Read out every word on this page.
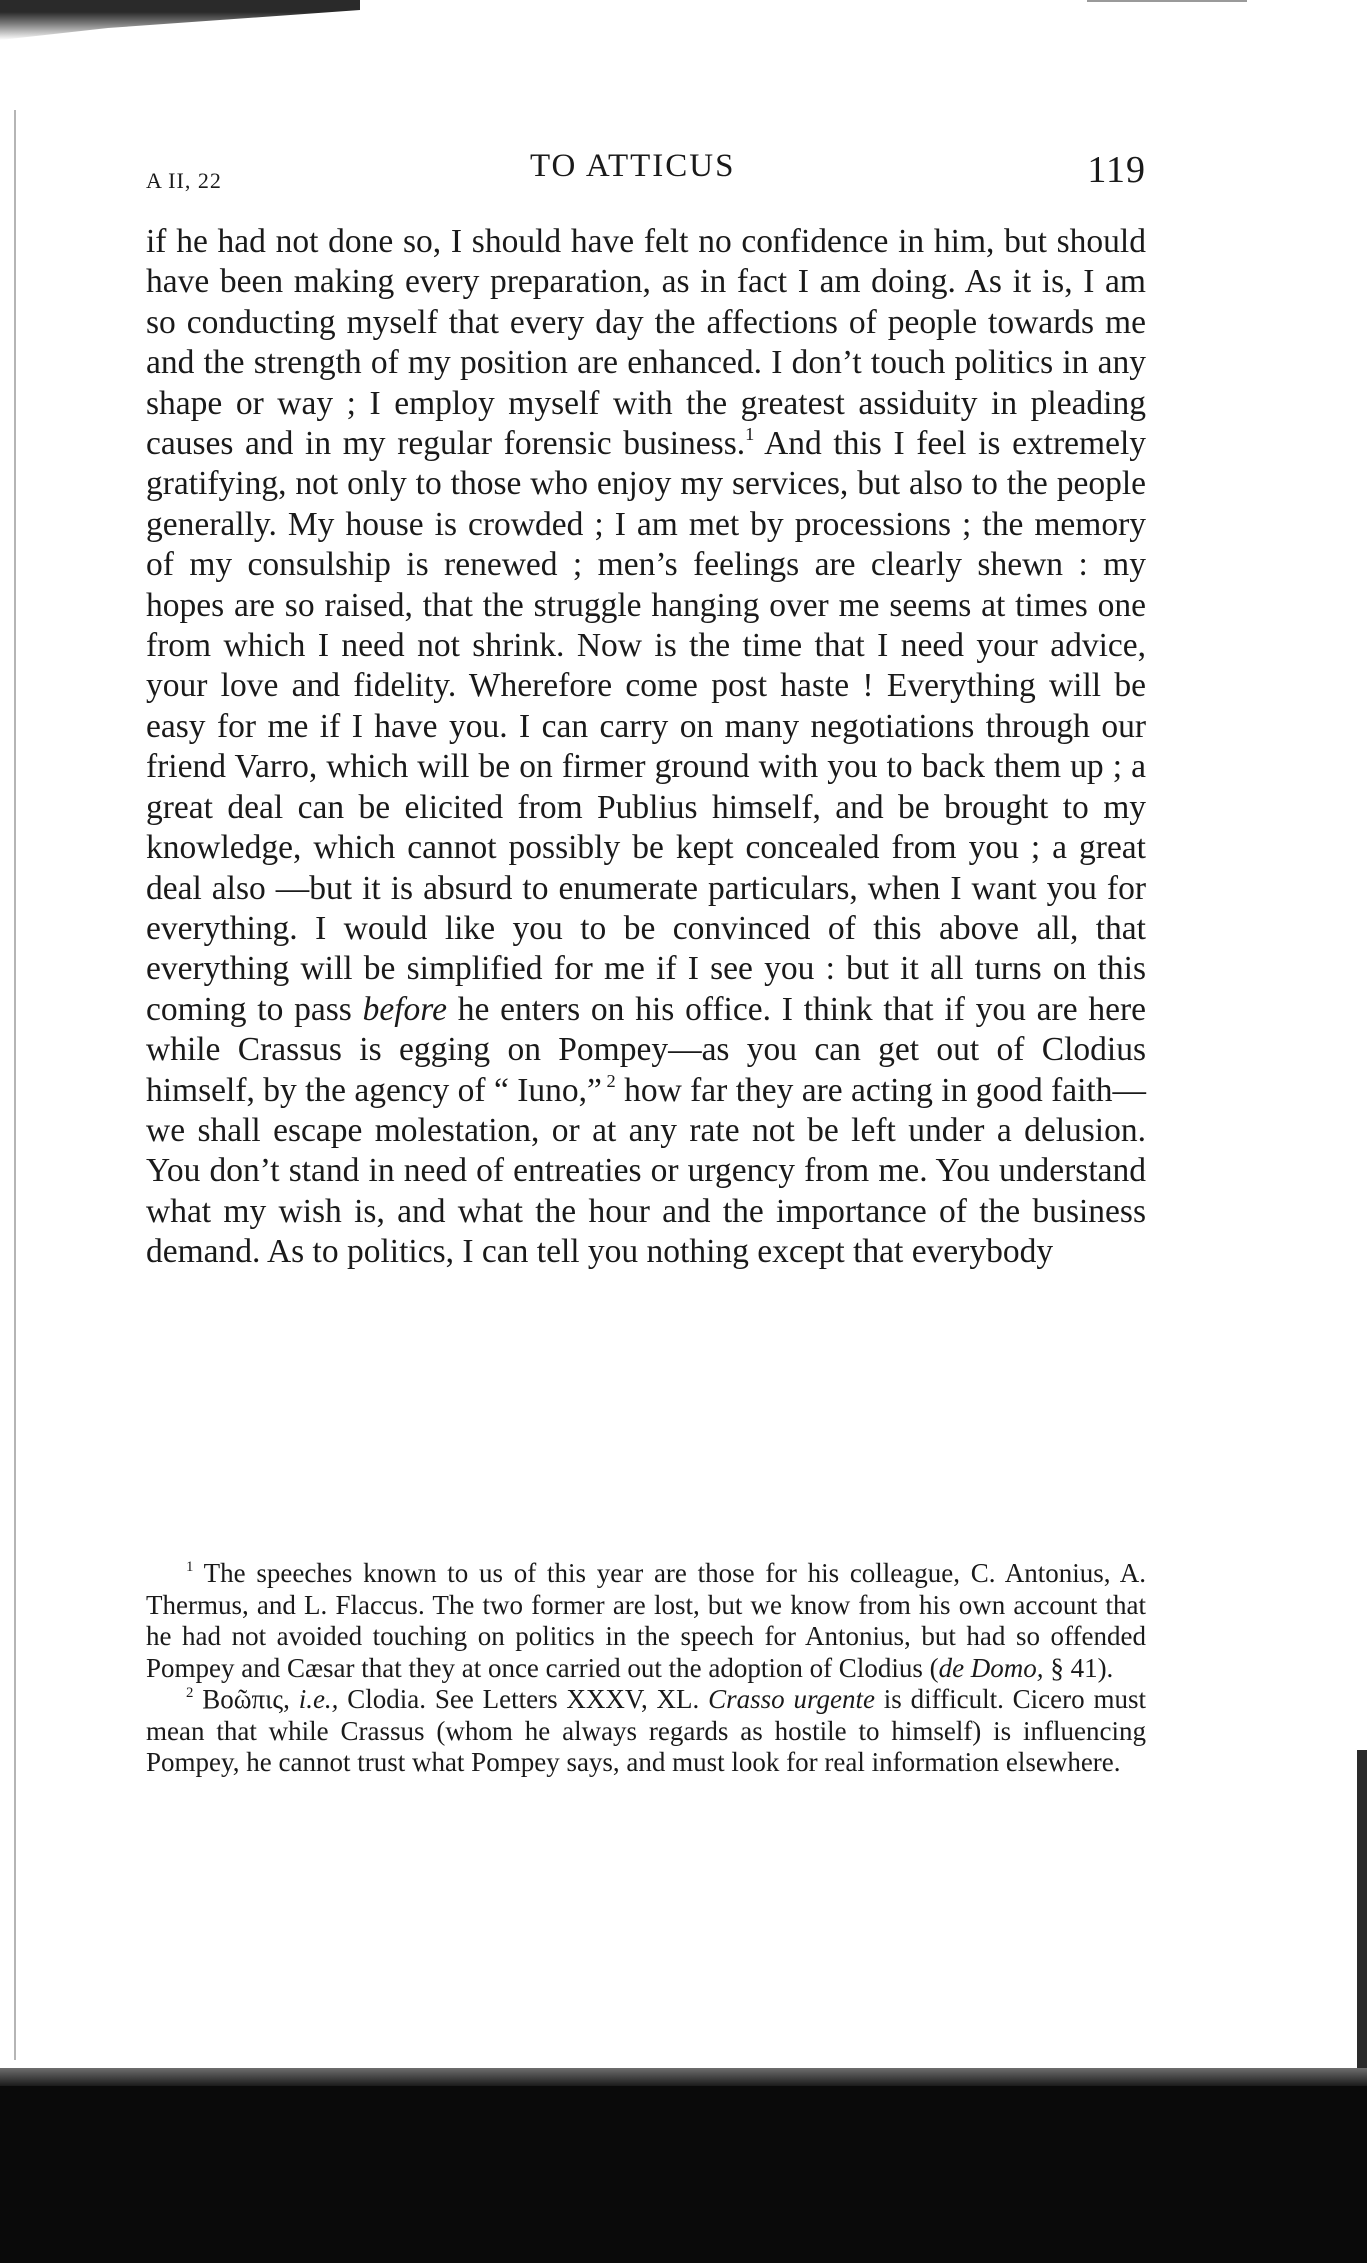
A II, 22	TO ATTICUS	119

if he had not done so, I should have felt no confidence in him, but should have been making every preparation, as in fact I am doing. As it is, I am so conducting myself that every day the affections of people towards me and the strength of my position are enhanced. I don’t touch politics in any shape or way ; I employ myself with the greatest assiduity in pleading causes and in my regular forensic business.$^1$ And this I feel is extremely gratifying, not only to those who enjoy my services, but also to the people generally. My house is crowded ; I am met by processions ; the memory of my consulship is renewed ; men’s feelings are clearly shewn : my hopes are so raised, that the struggle hanging over me seems at times one from which I need not shrink. Now is the time that I need your advice, your love and fidelity. Wherefore come post haste ! Everything will be easy for me if I have you. I can carry on many negotiations through our friend Varro, which will be on firmer ground with you to back them up ; a great deal can be elicited from Publius himself, and be brought to my knowledge, which cannot possibly be kept concealed from you ; a great deal also —but it is absurd to enumerate particulars, when I want you for everything. I would like you to be convinced of this above all, that everything will be simplified for me if I see you : but it all turns on this coming to pass before he enters on his office. I think that if you are here while Crassus is egging on Pompey—as you can get out of Clodius himself, by the agency of “ Iuno,” $^2$ how far they are acting in good faith—we shall escape molestation, or at any rate not be left under a delusion. You don’t stand in need of entreaties or urgency from me. You understand what my wish is, and what the hour and the importance of the business demand. As to politics, I can tell you nothing except that everybody

$^1$ The speeches known to us of this year are those for his colleague, C. Antonius, A. Thermus, and L. Flaccus. The two former are lost, but we know from his own account that he had not avoided touching on politics in the speech for Antonius, but had so offended Pompey and Cæsar that they at once carried out the adoption of Clodius (de Domo, § 41).

$^2$ Βοῶπις, i.e., Clodia. See Letters XXXV, XL. Crasso urgente is difficult. Cicero must mean that while Crassus (whom he always regards as hostile to himself) is influencing Pompey, he cannot trust what Pompey says, and must look for real information elsewhere.
